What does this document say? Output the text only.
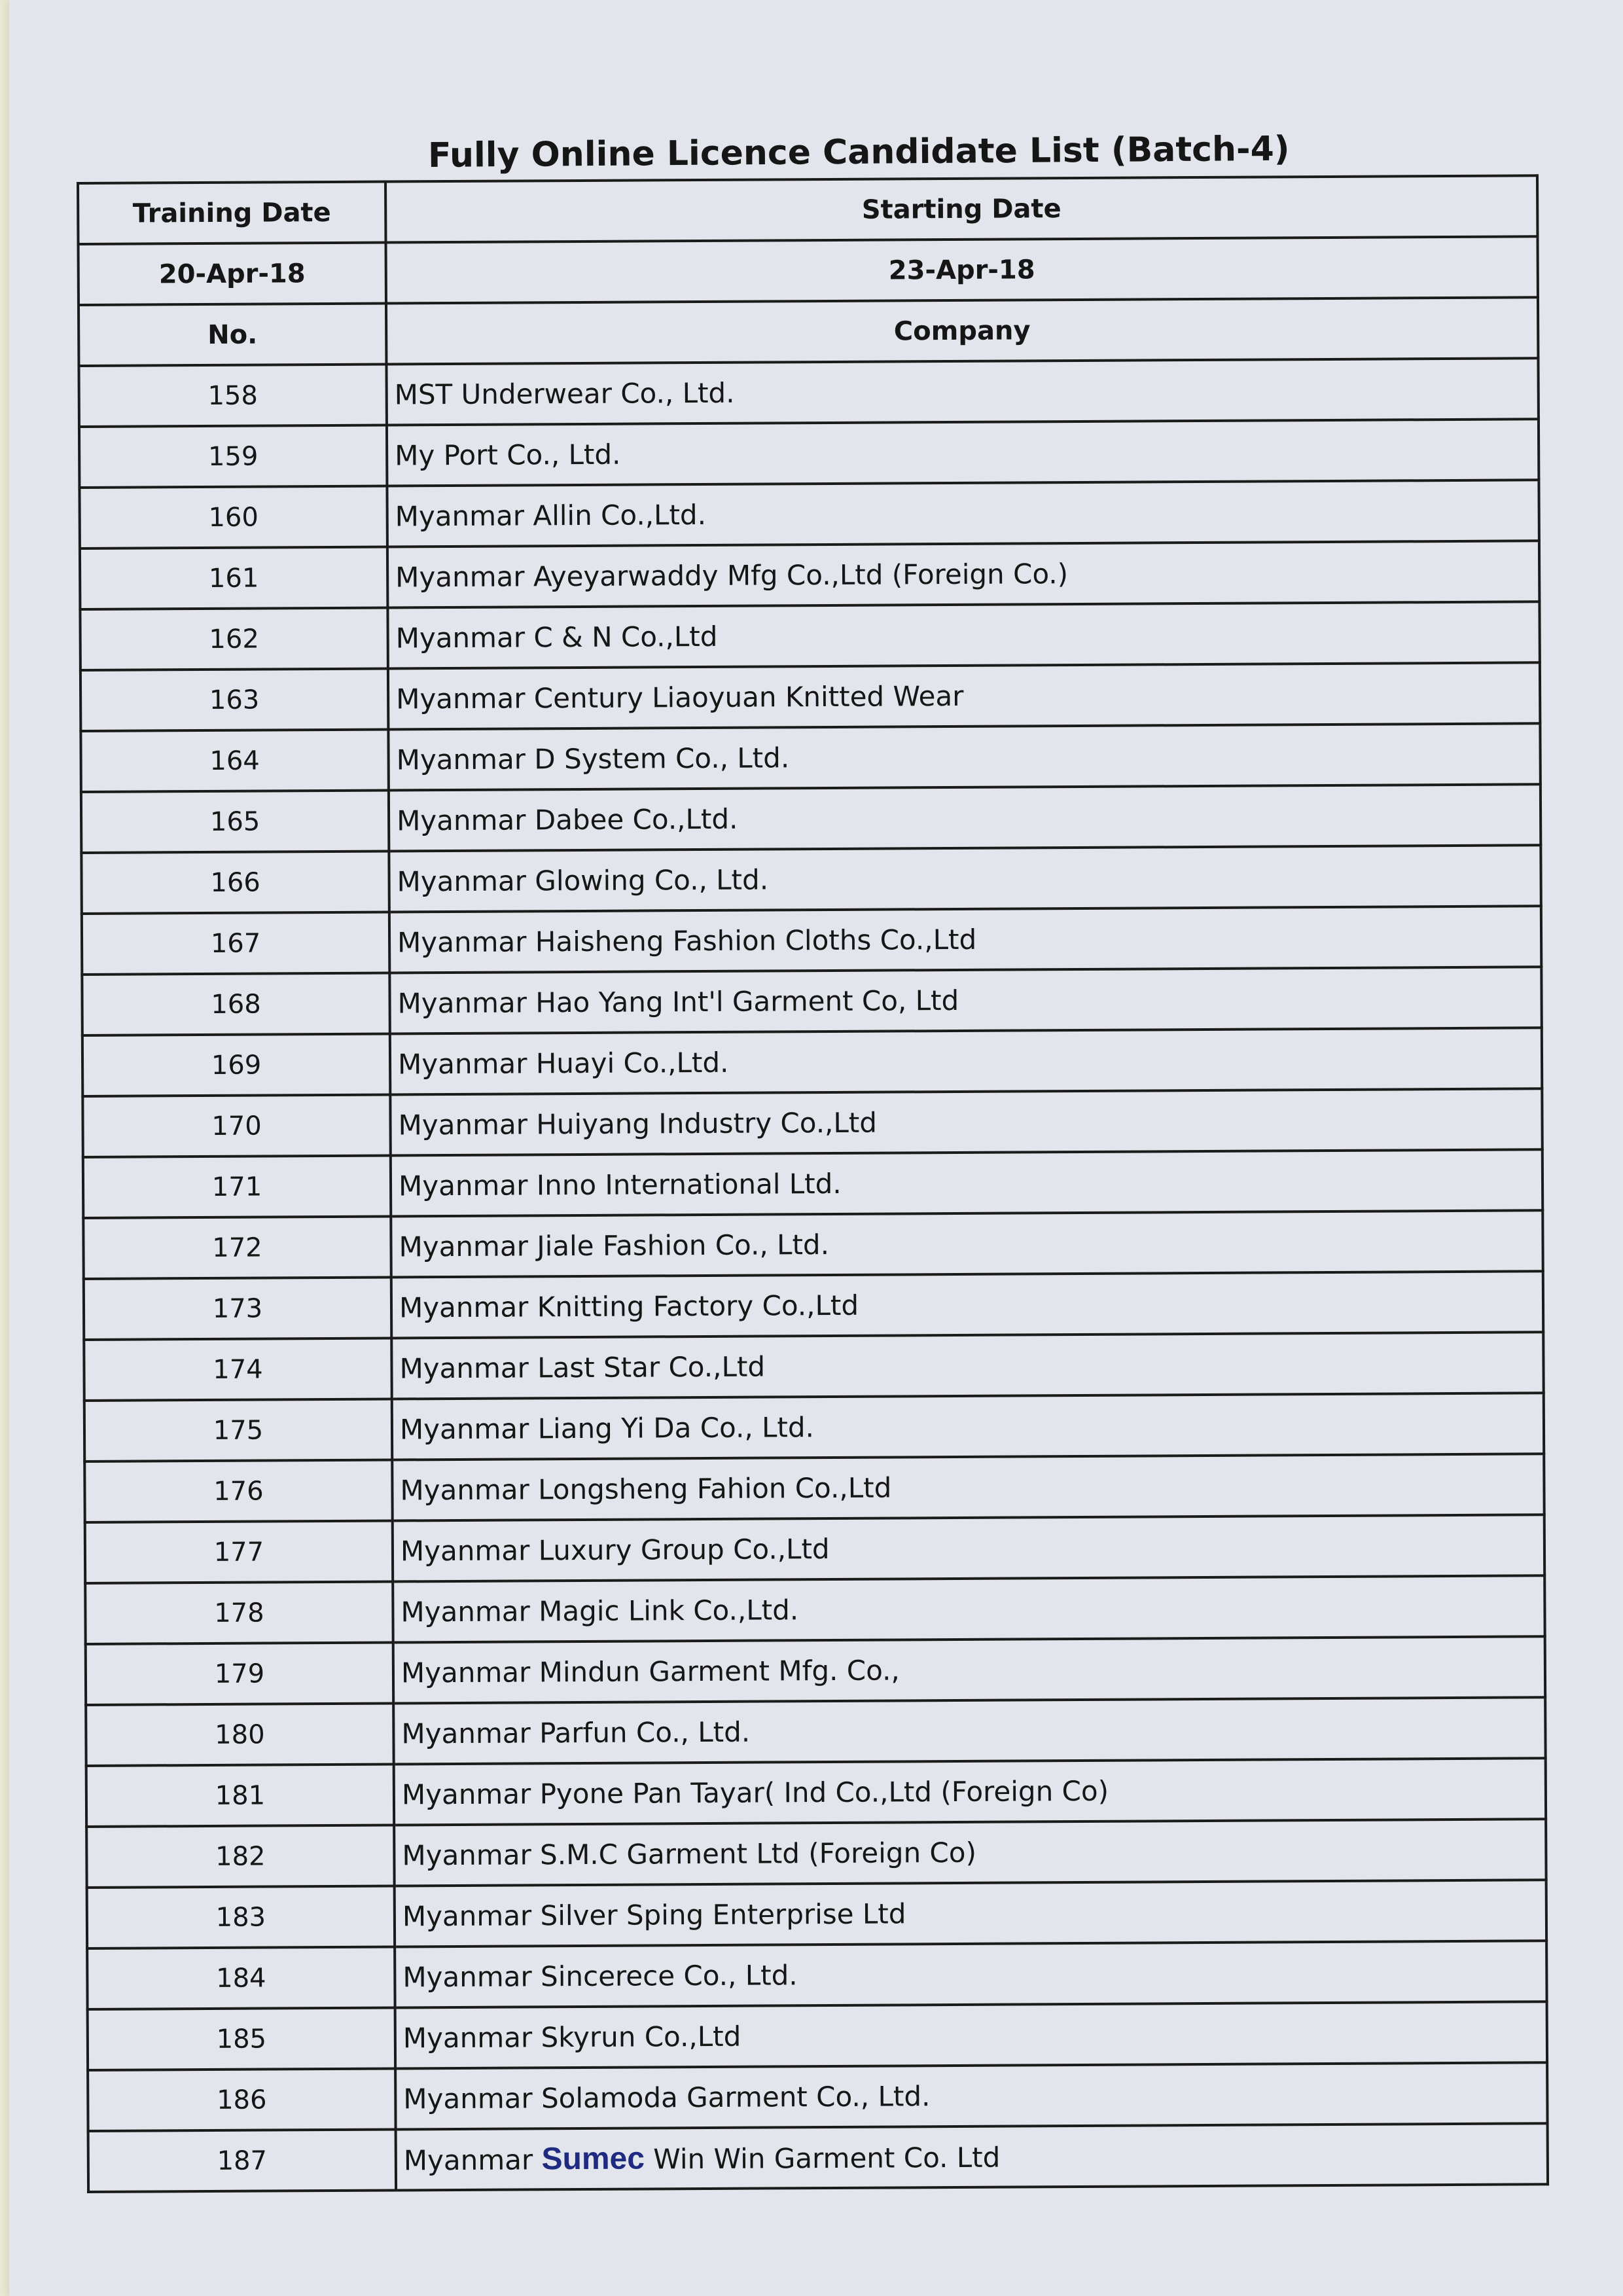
Fully Online Licence Candidate List (Batch-4)
Training Date	Starting Date
20-Apr-18	23-Apr-18
No.	Company
158	MST Underwear Co., Ltd.
159	My Port Co., Ltd.
160	Myanmar Allin Co.,Ltd.
161	Myanmar Ayeyarwaddy Mfg Co.,Ltd (Foreign Co.)
162	Myanmar C & N Co.,Ltd
163	Myanmar Century Liaoyuan Knitted Wear
164	Myanmar D System Co., Ltd.
165	Myanmar Dabee Co.,Ltd.
166	Myanmar Glowing Co., Ltd.
167	Myanmar Haisheng Fashion Cloths Co.,Ltd
168	Myanmar Hao Yang Int'l Garment Co, Ltd
169	Myanmar Huayi Co.,Ltd.
170	Myanmar Huiyang Industry Co.,Ltd
171	Myanmar Inno International Ltd.
172	Myanmar Jiale Fashion Co., Ltd.
173	Myanmar Knitting Factory Co.,Ltd
174	Myanmar Last Star Co.,Ltd
175	Myanmar Liang Yi Da Co., Ltd.
176	Myanmar Longsheng Fahion Co.,Ltd
177	Myanmar Luxury Group Co.,Ltd
178	Myanmar Magic Link Co.,Ltd.
179	Myanmar Mindun Garment Mfg. Co.,
180	Myanmar Parfun Co., Ltd.
181	Myanmar Pyone Pan Tayar( Ind Co.,Ltd (Foreign Co)
182	Myanmar S.M.C Garment Ltd (Foreign Co)
183	Myanmar Silver Sping Enterprise Ltd
184	Myanmar Sincerece Co., Ltd.
185	Myanmar Skyrun Co.,Ltd
186	Myanmar Solamoda Garment Co., Ltd.
187	Myanmar Sumec Win Win Garment Co. Ltd
